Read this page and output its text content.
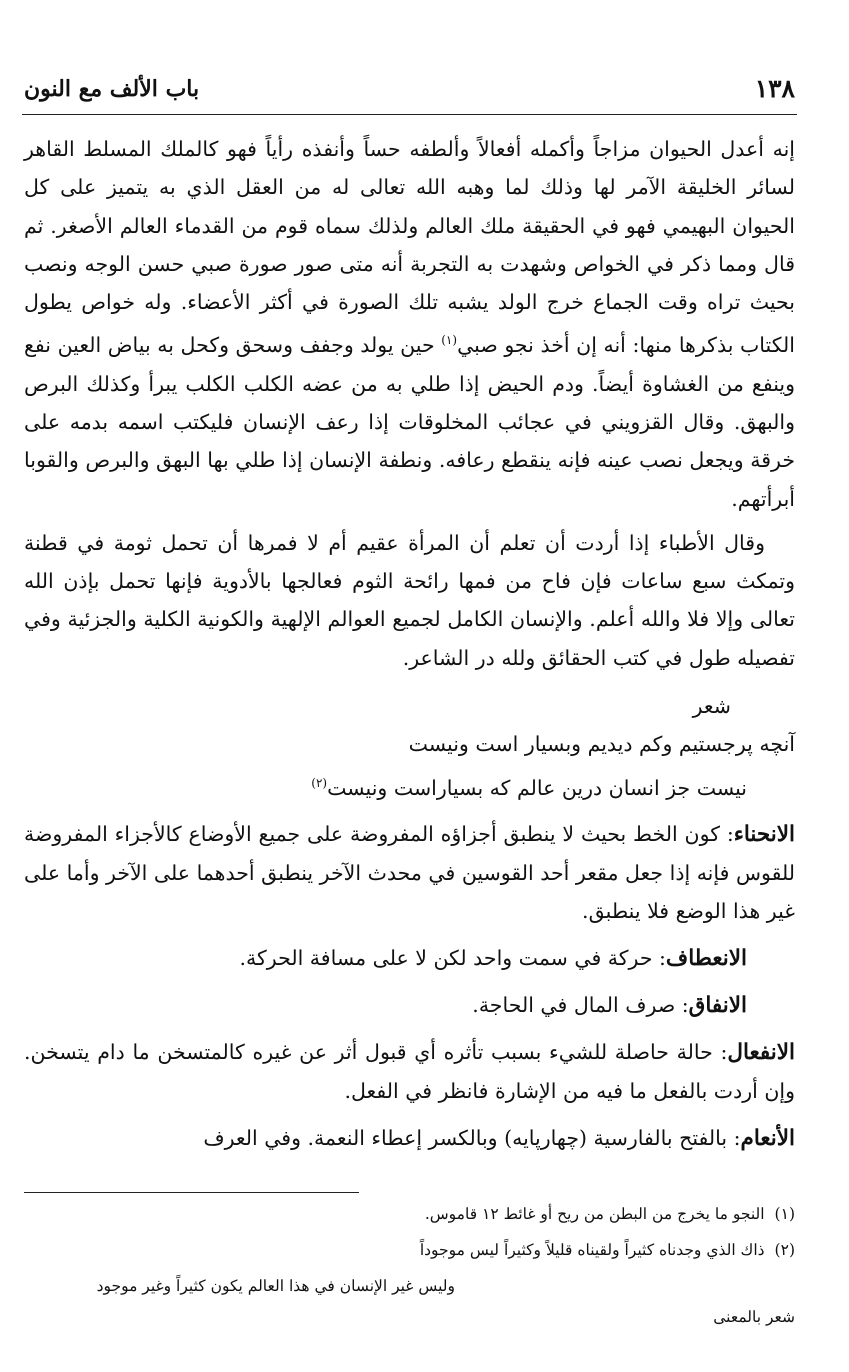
١٣٨
باب الألف مع النون

إنه أعدل الحيوان مزاجاً وأكمله أفعالاً وألطفه حساً وأنفذه رأياً فهو كالملك المسلط القاهر لسائر الخليقة الآمر لها وذلك لما وهبه الله تعالى له من العقل الذي به يتميز على كل الحيوان البهيمي فهو في الحقيقة ملك العالم ولذلك سماه قوم من القدماء العالم الأصغر. ثم قال ومما ذكر في الخواص وشهدت به التجربة أنه متى صور صورة صبي حسن الوجه ونصب بحيث تراه وقت الجماع خرج الولد يشبه تلك الصورة في أكثر الأعضاء. وله خواص يطول الكتاب بذكرها منها: أنه إن أخذ نجو صبي$^{(١)}$ حين يولد وجفف وسحق وكحل به بياض العين نفع وينفع من الغشاوة أيضاً. ودم الحيض إذا طلي به من عضه الكلب الكلب يبرأ وكذلك البرص والبهق. وقال القزويني في عجائب المخلوقات إذا رعف الإنسان فليكتب اسمه بدمه على خرقة ويجعل نصب عينه فإنه ينقطع رعافه. ونطفة الإنسان إذا طلي بها البهق والبرص والقوبا أبرأتهم.

وقال الأطباء إذا أردت أن تعلم أن المرأة عقيم أم لا فمرها أن تحمل ثومة في قطنة وتمكث سبع ساعات فإن فاح من فمها رائحة الثوم فعالجها بالأدوية فإنها تحمل بإذن الله تعالى وإلا فلا والله أعلم. والإنسان الكامل لجميع العوالم الإلهية والكونية الكلية والجزئية وفي تفصيله طول في كتب الحقائق ولله در الشاعر.

شعر

آنچه پرجستيم وكم ديديم وبسيار است ونيست

نيست جز انسان درين عالم كه بسياراست ونيست$^{(٢)}$

الانحناء: كون الخط بحيث لا ينطبق أجزاؤه المفروضة على جميع الأوضاع كالأجزاء المفروضة للقوس فإنه إذا جعل مقعر أحد القوسين في محدث الآخر ينطبق أحدهما على الآخر وأما على غير هذا الوضع فلا ينطبق.

الانعطاف: حركة في سمت واحد لكن لا على مسافة الحركة.

الانفاق: صرف المال في الحاجة.

الانفعال: حالة حاصلة للشيء بسبب تأثره أي قبول أثر عن غيره كالمتسخن ما دام يتسخن. وإن أردت بالفعل ما فيه من الإشارة فانظر في الفعل.

الأنعام: بالفتح بالفارسية (چهارپايه) وبالكسر إعطاء النعمة. وفي العرف

(١)النجو ما يخرج من البطن من ريح أو غائط ١٢ قاموس.
(٢)ذاك الذي وجدناه كثيراً ولقيناه قليلاً وكثيراً ليس موجوداً
وليس غير الإنسان في هذا العالم يكون كثيراً وغير موجود
شعر بالمعنى
